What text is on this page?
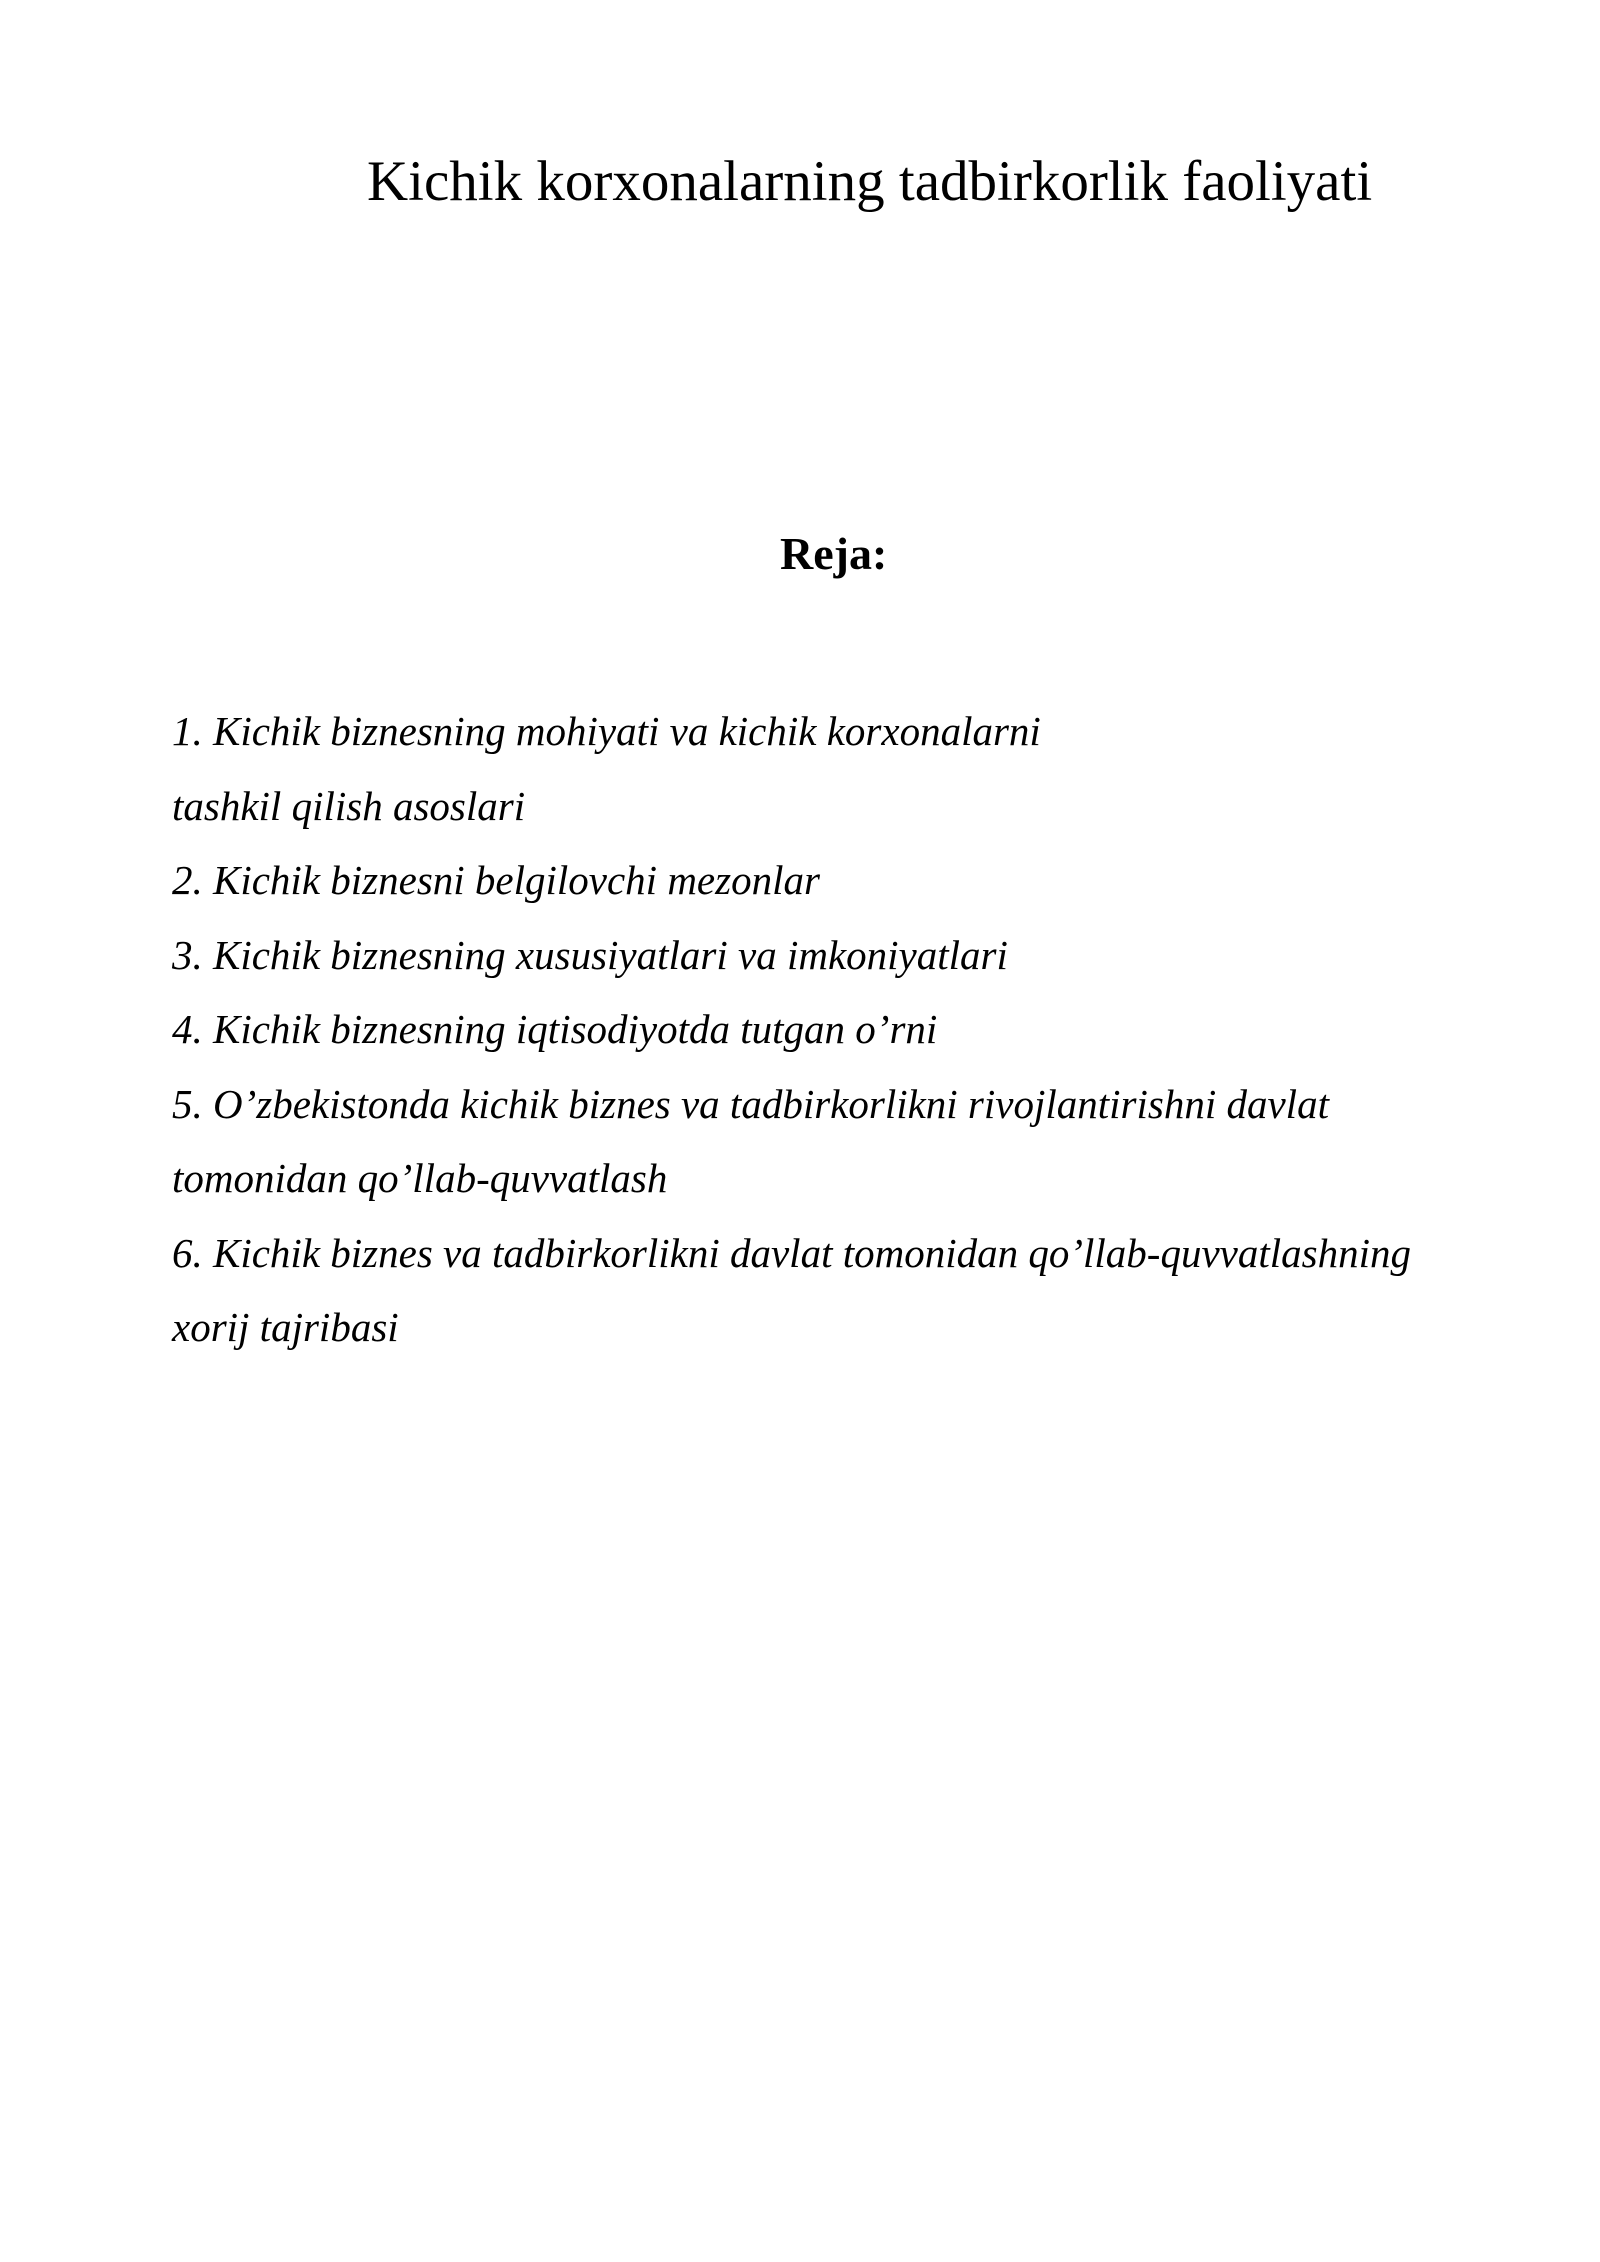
Kichik korxonalarning tadbirkorlik faoliyati
Reja:
1. Kichik biznesning mohiyati va kichik korxonalarni
tashkil qilish asoslari
2. Kichik biznesni belgilovchi mezonlar
3. Kichik biznesning xususiyatlari va imkoniyatlari
4. Kichik biznesning iqtisodiyotda tutgan o’rni
5. O’zbekistonda kichik biznes va tadbirkorlikni rivojlantirishni davlat
tomonidan qo’llab-quvvatlash
6. Kichik biznes va tadbirkorlikni davlat tomonidan qo’llab-quvvatlashning
xorij tajribasi
